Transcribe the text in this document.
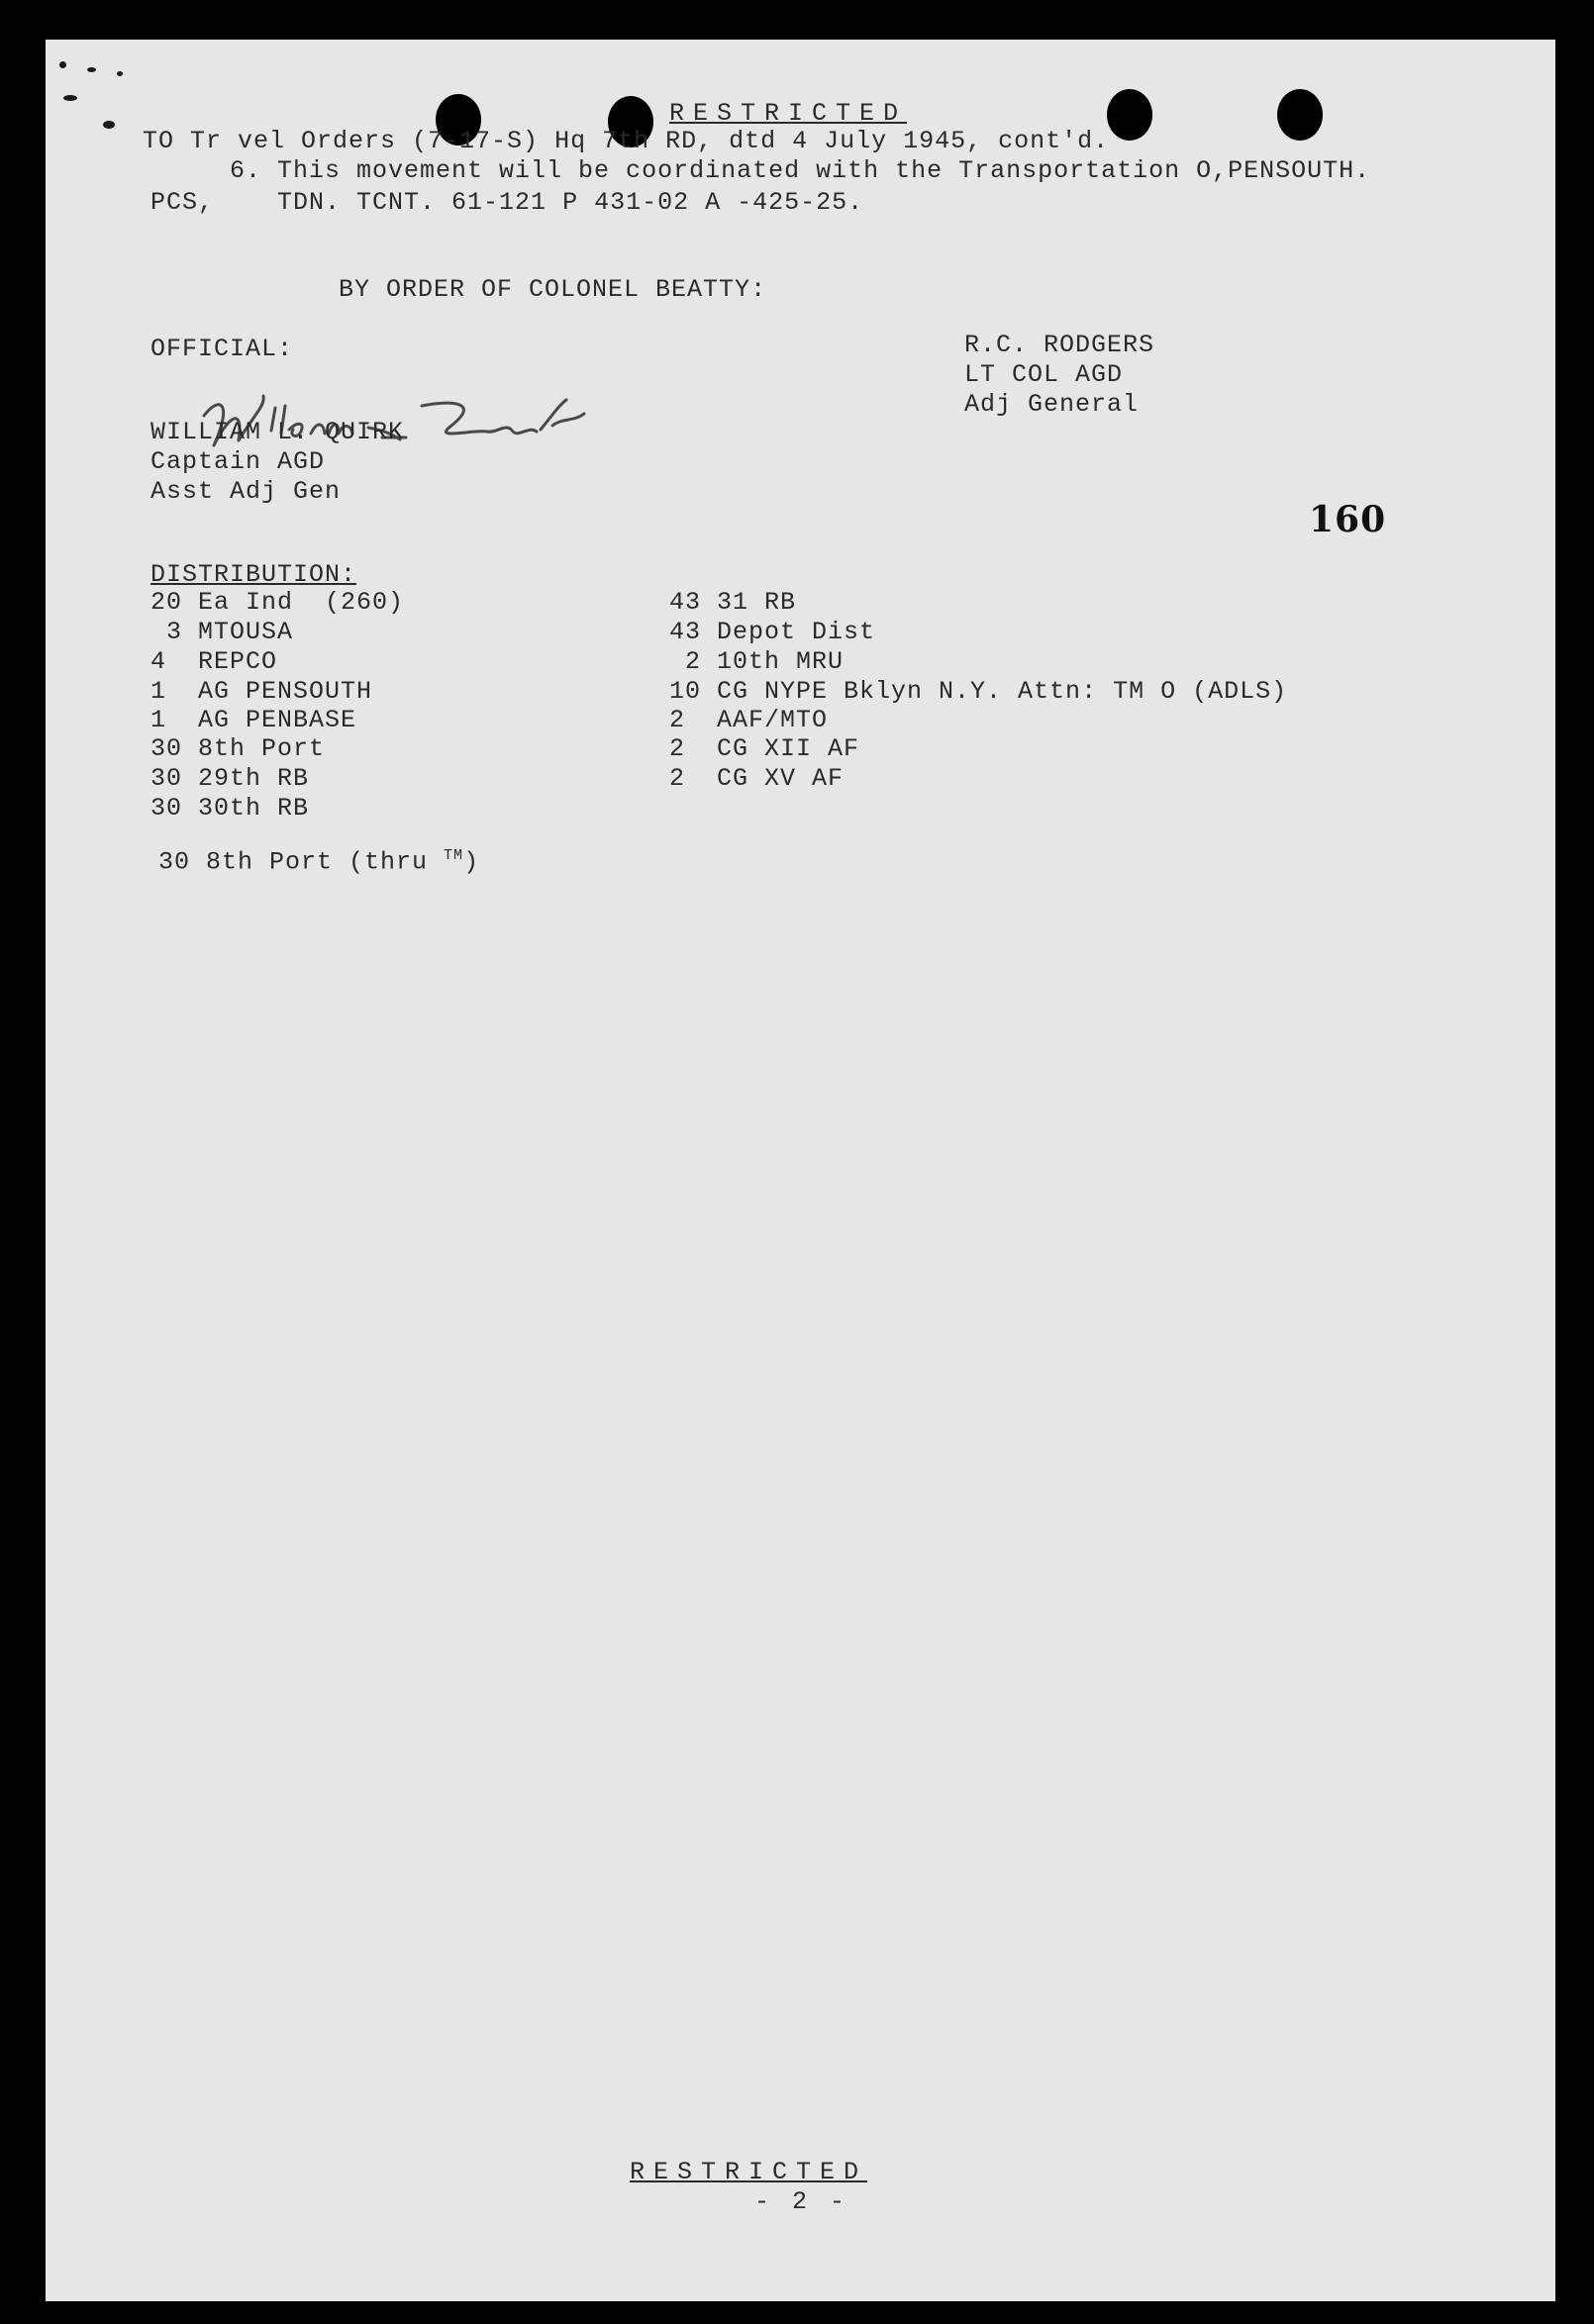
RESTRICTED
TO Tr vel Orders (7-17-S) Hq 7th RD, dtd 4 July 1945, cont'd.
6. This movement will be coordinated with the Transportation O,PENSOUTH.
PCS,    TDN. TCNT. 61-121 P 431-02 A -425-25.
BY ORDER OF COLONEL BEATTY:
OFFICIAL:
WILLIAM L. QUIRK
Captain AGD
Asst Adj Gen
R.C. RODGERS
LT COL AGD
Adj General
160
DISTRIBUTION:
20 Ea Ind  (260)
3 MTOUSA
4  REPCO
1  AG PENSOUTH
1  AG PENBASE
30 8th Port
30 29th RB
30 30th RB
43 31 RB
43 Depot Dist
2 10th MRU
10 CG NYPE Bklyn N.Y. Attn: TM O (ADLS)
2  AAF/MTO
2  CG XII AF
2  CG XV AF
30 8th Port (thru ™)
RESTRICTED
- 2 -
